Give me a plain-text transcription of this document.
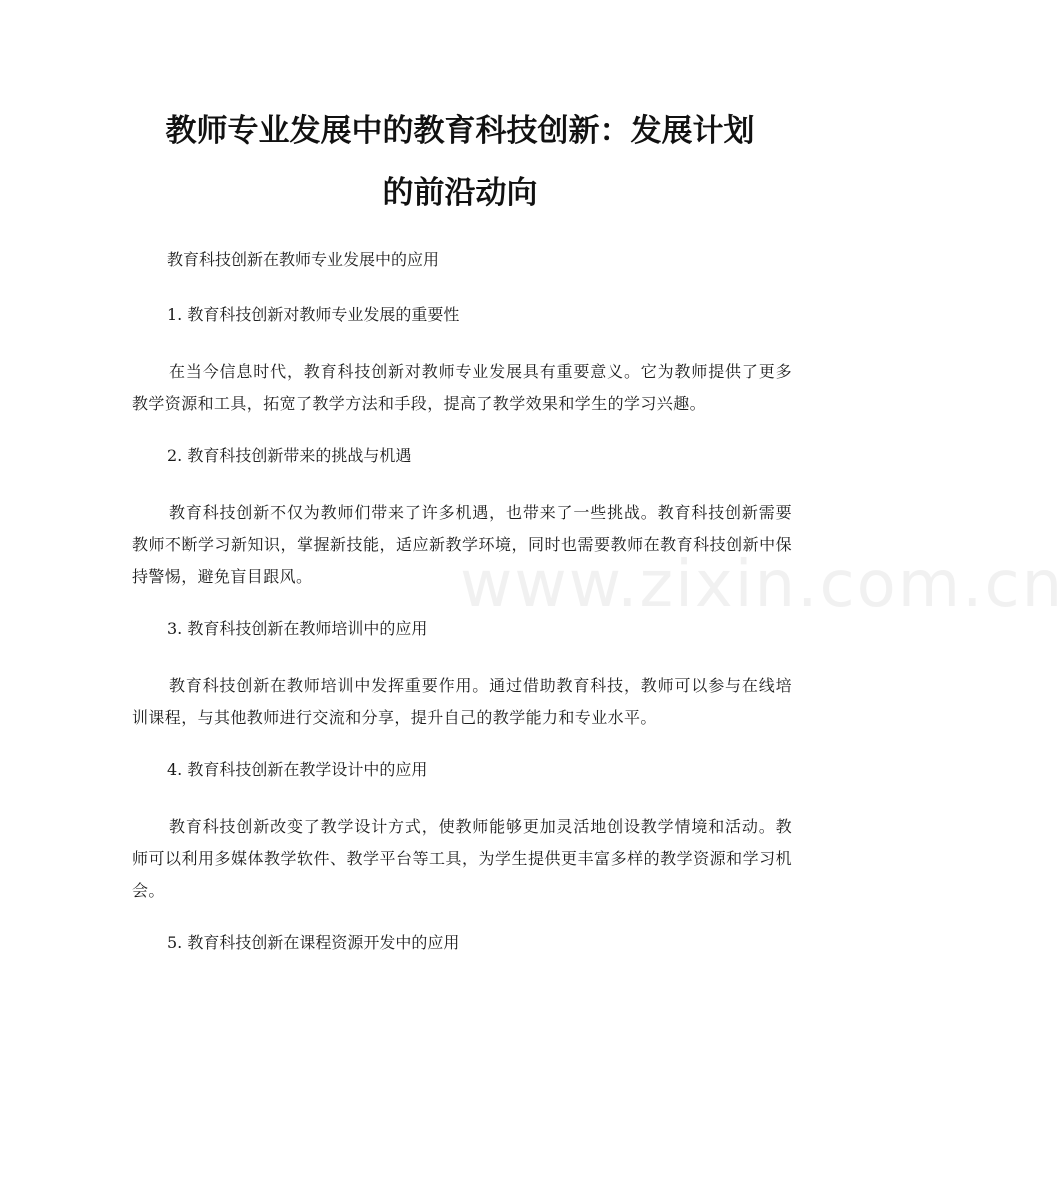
教师专业发展中的教育科技创新：发展计划
的前沿动向

教育科技创新在教师专业发展中的应用

1. 教育科技创新对教师专业发展的重要性

在当今信息时代，教育科技创新对教师专业发展具有重要意义。它为教师提供了更多教学资源和工具，拓宽了教学方法和手段，提高了教学效果和学生的学习兴趣。

2. 教育科技创新带来的挑战与机遇

教育科技创新不仅为教师们带来了许多机遇，也带来了一些挑战。教育科技创新需要教师不断学习新知识，掌握新技能，适应新教学环境，同时也需要教师在教育科技创新中保持警惕，避免盲目跟风。

3. 教育科技创新在教师培训中的应用

教育科技创新在教师培训中发挥重要作用。通过借助教育科技，教师可以参与在线培训课程，与其他教师进行交流和分享，提升自己的教学能力和专业水平。

4. 教育科技创新在教学设计中的应用

教育科技创新改变了教学设计方式，使教师能够更加灵活地创设教学情境和活动。教师可以利用多媒体教学软件、教学平台等工具，为学生提供更丰富多样的教学资源和学习机会。

5. 教育科技创新在课程资源开发中的应用

www.zixin.com.cn
